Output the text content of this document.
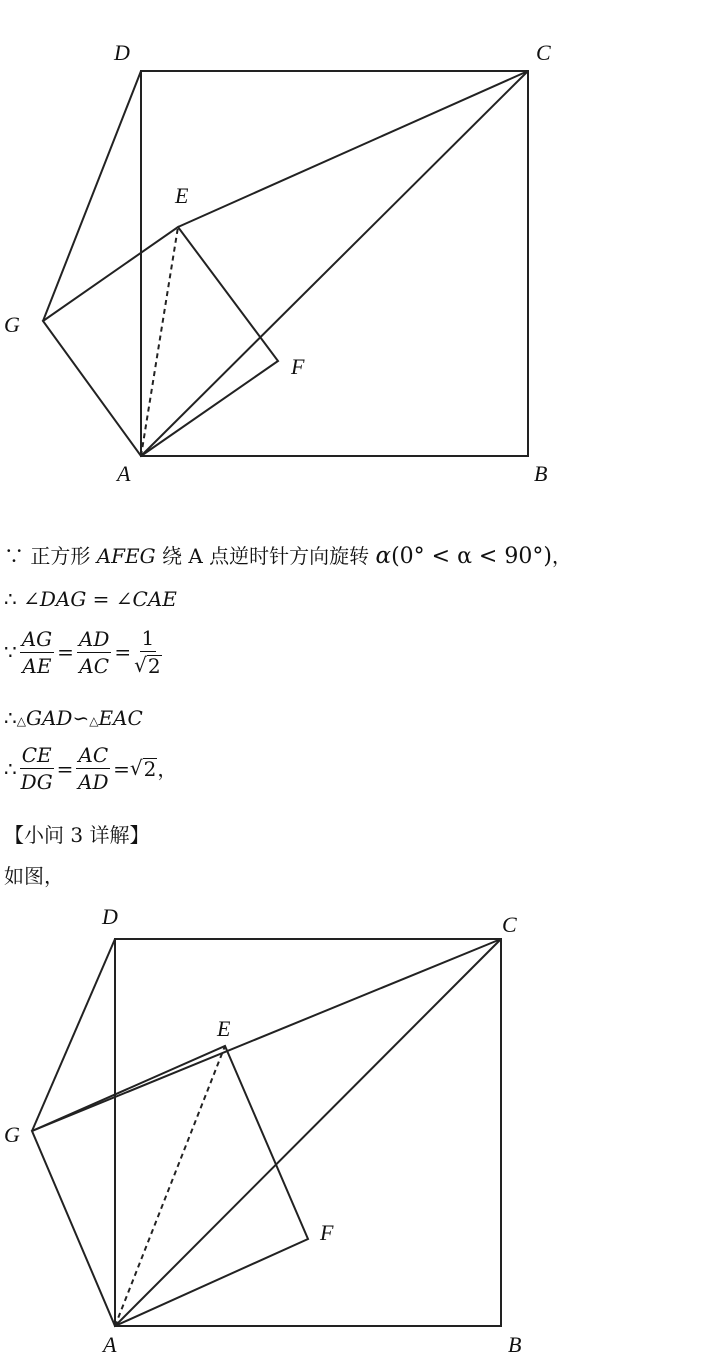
D	C
E
G
F
A	B
∵ 正方形 AFEG 绕 A 点逆时针方向旋转 α(0° < α < 90°)，
∴ ∠DAG = ∠CAE
∵ $\frac{AG}{AE} = \frac{AD}{AC} = \frac{1}{√ 2}$
∴△GAD∽△EAC
∴ $\frac{CE}{DG} = \frac{AC}{AD}$ = √ 2 ，
【小问 3 详解】
如图，
D	C
E
G
F
A	B
